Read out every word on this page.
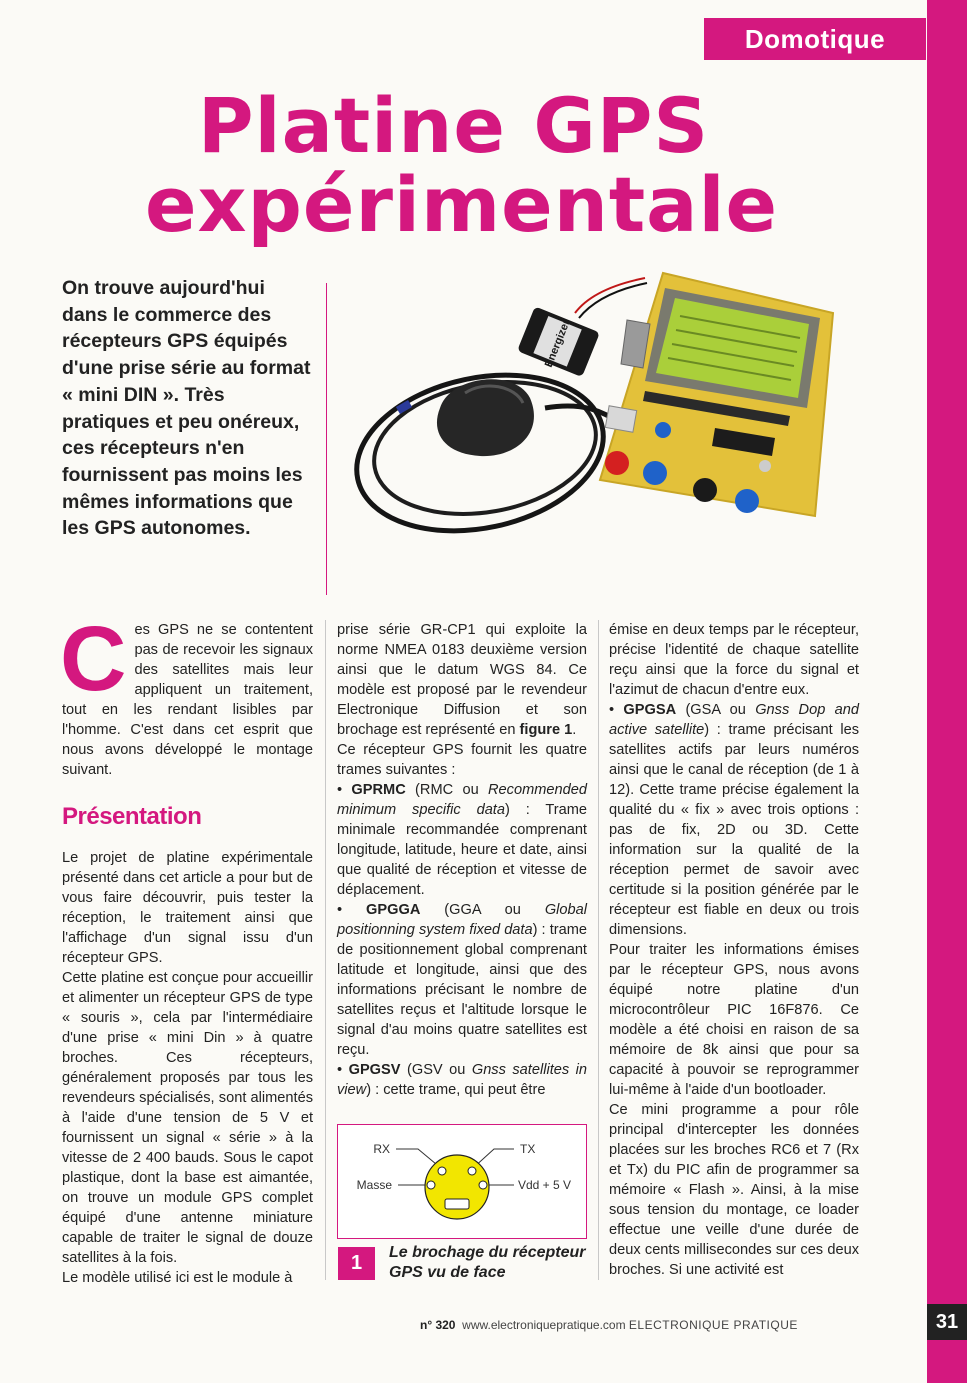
Domotique
Platine GPS
expérimentale

On trouve aujourd'hui dans le commerce des récepteurs GPS équipés d'une prise série au format « mini DIN ». Très pratiques et peu onéreux, ces récepteurs n'en fournissent pas moins les mêmes informations que les GPS autonomes.

Energizer
C es GPS ne se contentent pas de recevoir les signaux des satellites mais leur appliquent un traitement, tout en les rendant lisibles par l'homme. C'est dans cet esprit que nous avons développé le montage suivant.

Présentation

Le projet de platine expérimentale présenté dans cet article a pour but de vous faire découvrir, puis tester la réception, le traitement ainsi que l'affichage d'un signal issu d'un récepteur GPS.

Cette platine est conçue pour accueillir et alimenter un récepteur GPS de type « souris », cela par l'intermédiaire d'une prise « mini Din » à quatre broches. Ces récepteurs, généralement proposés par tous les revendeurs spécialisés, sont alimentés à l'aide d'une tension de 5 V et fournissent un signal « série » à la vitesse de 2 400 bauds. Sous le capot plastique, dont la base est aimantée, on trouve un module GPS complet équipé d'une antenne miniature capable de traiter le signal de douze satellites à la fois.

Le modèle utilisé ici est le module à

prise série GR-CP1 qui exploite la norme NMEA 0183 deuxième version ainsi que le datum WGS 84. Ce modèle est proposé par le revendeur Electronique Diffusion et son brochage est représenté en figure 1.

Ce récepteur GPS fournit les quatre trames suivantes :

• GPRMC (RMC ou Recommended minimum specific data) : Trame minimale recommandée comprenant longitude, latitude, heure et date, ainsi que qualité de réception et vitesse de déplacement.

• GPGGA (GGA ou Global positionning system fixed data) : trame de positionnement global comprenant latitude et longitude, ainsi que des informations précisant le nombre de satellites reçus et l'altitude lorsque le signal d'au moins quatre satellites est reçu.

• GPGSV (GSV ou Gnss satellites in view) : cette trame, qui peut être

RX	TX
Masse	Vdd + 5 V
1	Le brochage du récepteur GPS vu de face

émise en deux temps par le récepteur, précise l'identité de chaque satellite reçu ainsi que la force du signal et l'azimut de chacun d'entre eux.

• GPGSA (GSA ou Gnss Dop and active satellite) : trame précisant les satellites actifs par leurs numéros ainsi que le canal de réception (de 1 à 12). Cette trame précise également la qualité du « fix » avec trois options : pas de fix, 2D ou 3D. Cette information sur la qualité de la réception permet de savoir avec certitude si la position générée par le récepteur est fiable en deux ou trois dimensions.

Pour traiter les informations émises par le récepteur GPS, nous avons équipé notre platine d'un microcontrôleur PIC 16F876. Ce modèle a été choisi en raison de sa mémoire de 8k ainsi que pour sa capacité à pouvoir se reprogrammer lui-même à l'aide d'un bootloader.

Ce mini programme a pour rôle principal d'intercepter les données placées sur les broches RC6 et 7 (Rx et Tx) du PIC afin de programmer sa mémoire « Flash ». Ainsi, à la mise sous tension du montage, ce loader effectue une veille d'une durée de deux cents millisecondes sur ces deux broches. Si une activité est

n° 320 www.electroniquepratique.com ELECTRONIQUE PRATIQUE	31
